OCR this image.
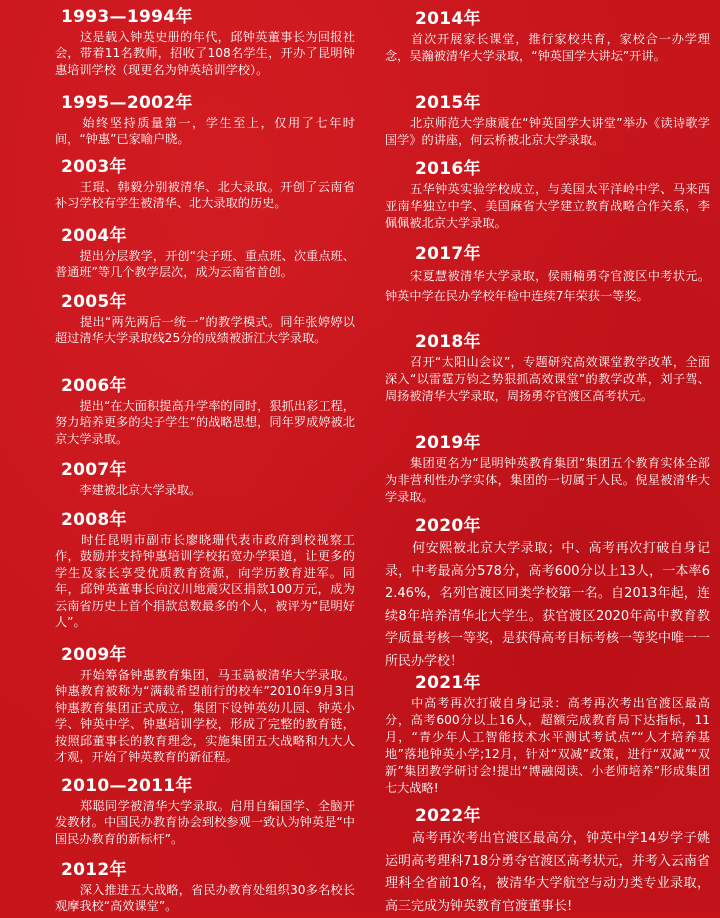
1993—1994年

　　这是载入钟英史册的年代，邱钟英董事长为回报社会，带着11名教师，招收了108名学生，开办了昆明钟惠培训学校（现更名为钟英培训学校）。

1995—2002年

　　始终坚持质量第一，学生至上，仅用了七年时间，“钟惠”已家喻户晓。

2003年

　　王琨、韩毅分别被清华、北大录取。开创了云南省补习学校有学生被清华、北大录取的历史。

2004年

　　提出分层教学，开创“尖子班、重点班、次重点班、普通班”等几个教学层次，成为云南省首创。

2005年

　　提出“两先两后一统一”的教学模式。同年张婷婷以超过清华大学录取线25分的成绩被浙江大学录取。

2006年

　　提出“在大面积提高升学率的同时，狠抓出彩工程，努力培养更多的尖子学生”的战略思想，同年罗成婷被北京大学录取。

2007年

　　李建被北京大学录取。

2008年

　　时任昆明市副市长廖晓珊代表市政府到校视察工作，鼓励并支持钟惠培训学校拓宽办学渠道，让更多的学生及家长享受优质教育资源，向学历教育进军。同年，邱钟英董事长向汶川地震灾区捐款100万元，成为云南省历史上首个捐款总数最多的个人，被评为“昆明好人”。

2009年

　　开始筹备钟惠教育集团，马玉骉被清华大学录取。钟惠教育被称为“满载希望前行的校车”2010年9月3日钟惠教育集团正式成立，集团下设钟英幼儿园、钟英小学、钟英中学、钟惠培训学校，形成了完整的教育链，按照邱董事长的教育理念，实施集团五大战略和九大人才观，开始了钟英教育的新征程。

2010—2011年

　　郑聪同学被清华大学录取。启用自编国学、全脑开发教材。中国民办教育协会到校参观一致认为钟英是“中国民办教育的新标杆”。

2012年

　　深入推进五大战略，省民办教育处组织30多名校长观摩我校“高效课堂”。

2014年

　　首次开展家长课堂，推行家校共育，家校合一办学理念，吴瀚被清华大学录取，“钟英国学大讲坛”开讲。

2015年

　　北京师范大学康震在“钟英国学大讲堂”举办《读诗歌学国学》的讲座，何云桥被北京大学录取。

2016年

　　五华钟英实验学校成立，与美国太平洋岭中学、马来西亚南华独立中学、美国麻省大学建立教育战略合作关系，李佩佩被北京大学录取。

2017年

　　宋夏慧被清华大学录取，侯雨楠勇夺官渡区中考状元。钟英中学在民办学校年检中连续7年荣获一等奖。

2018年

　　召开“太阳山会议”，专题研究高效课堂教学改革，全面深入“以雷霆万钧之势狠抓高效课堂”的教学改革，刘子驾、周扬被清华大学录取，周扬勇夺官渡区高考状元。

2019年

　　集团更名为“昆明钟英教育集团”集团五个教育实体全部为非营利性办学实体，集团的一切属于人民。倪星被清华大学录取。

2020年

　　何安熙被北京大学录取；中、高考再次打破自身记录，中考最高分578分，高考600分以上13人，一本率62.46%，名列官渡区同类学校第一名。自2013年起，连续8年培养清华北大学生。获官渡区2020年高中教育教学质量考核一等奖，是获得高考目标考核一等奖中唯一一所民办学校！

2021年

　　中高考再次打破自身记录：高考再次考出官渡区最高分，高考600分以上16人，超额完成教育局下达指标，11月，“青少年人工智能技术水平测试考试点”“人才培养基地”落地钟英小学;12月，针对“双减”政策，进行“双减”“双新”集团教学研讨会!提出“博融阅读、小老师培养”形成集团七大战略!

2022年

　　高考再次考出官渡区最高分，钟英中学14岁学子姚运明高考理科718分勇夺官渡区高考状元，并考入云南省理科全省前10名，被清华大学航空与动力类专业录取，高三完成为钟英教育官渡董事长!
